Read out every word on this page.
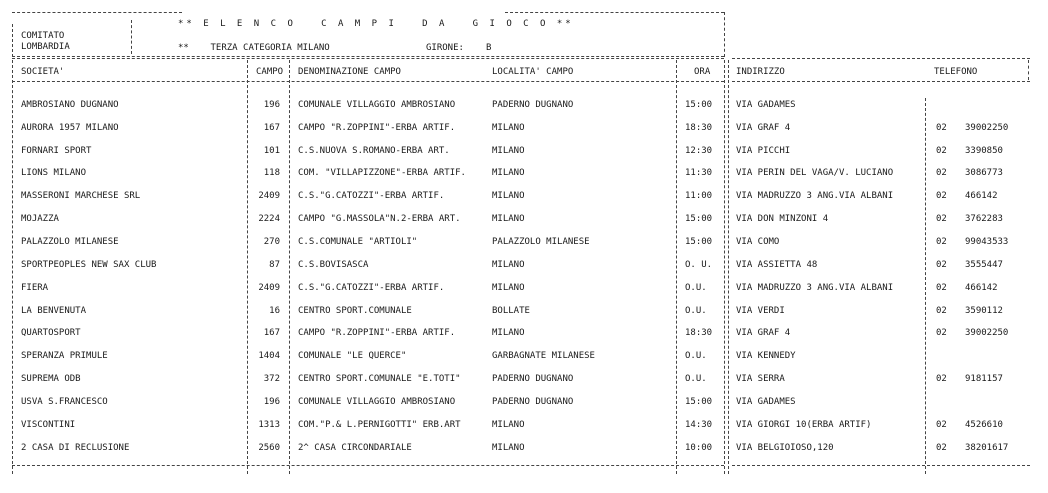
** E L E N C O   C A M P I   D A   G I O C O **
COMITATO
LOMBARDIA	**    TERZA CATEGORIA MILANO	GIRONE: B
SOCIETA'	CAMPO DENOMINAZIONE CAMPO	LOCALITA' CAMPO	ORA	INDIRIZZO	TELEFONO
AMBROSIANO DUGNANO	196 COMUNALE VILLAGGIO AMBROSIANO	PADERNO DUGNANO	15:00	VIA GADAMES
AURORA 1957 MILANO	167 CAMPO "R.ZOPPINI"-ERBA ARTIF.	MILANO	18:30	VIA GRAF 4	02 39002250
FORNARI SPORT	101 C.S.NUOVA S.ROMANO-ERBA ART.	MILANO	12:30	VIA PICCHI	02 3390850
LIONS MILANO	118 COM. "VILLAPIZZONE"-ERBA ARTIF.	MILANO	11:30	VIA PERIN DEL VAGA/V. LUCIANO	02 3086773
MASSERONI MARCHESE SRL	2409 C.S."G.CATOZZI"-ERBA ARTIF.	MILANO	11:00	VIA MADRUZZO 3 ANG.VIA ALBANI	02 466142
MOJAZZA	2224 CAMPO "G.MASSOLA"N.2-ERBA ART.	MILANO	15:00	VIA DON MINZONI 4	02 3762283
PALAZZOLO MILANESE	270 C.S.COMUNALE "ARTIOLI"	PALAZZOLO MILANESE	15:00	VIA COMO	02 99043533
SPORTPEOPLES NEW SAX CLUB	87 C.S.BOVISASCA	MILANO	O. U.	VIA ASSIETTA 48	02 3555447
FIERA	2409 C.S."G.CATOZZI"-ERBA ARTIF.	MILANO	O.U.	VIA MADRUZZO 3 ANG.VIA ALBANI	02 466142
LA BENVENUTA	16 CENTRO SPORT.COMUNALE	BOLLATE	O.U.	VIA VERDI	02 3590112
QUARTOSPORT	167 CAMPO "R.ZOPPINI"-ERBA ARTIF.	MILANO	18:30	VIA GRAF 4	02 39002250
SPERANZA PRIMULE	1404 COMUNALE "LE QUERCE"	GARBAGNATE MILANESE	O.U.	VIA KENNEDY
SUPREMA ODB	372 CENTRO SPORT.COMUNALE "E.TOTI"	PADERNO DUGNANO	O.U.	VIA SERRA	02 9181157
USVA S.FRANCESCO	196 COMUNALE VILLAGGIO AMBROSIANO	PADERNO DUGNANO	15:00	VIA GADAMES
VISCONTINI	1313 COM."P.& L.PERNIGOTTI" ERB.ART	MILANO	14:30	VIA GIORGI 10(ERBA ARTIF)	02 4526610
2 CASA DI RECLUSIONE	2560 2^ CASA CIRCONDARIALE	MILANO	10:00	VIA BELGIOIOSO,120	02 38201617
